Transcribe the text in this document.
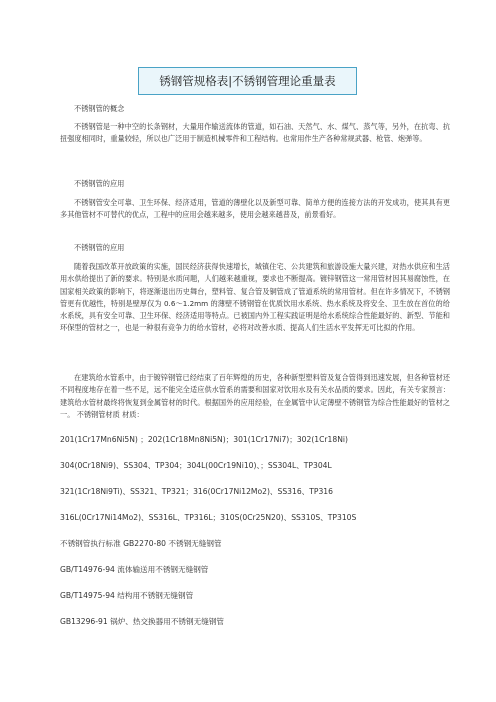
锈钢管规格表|不锈钢管理论重量表
不锈钢管的概念
不锈钢管是一种中空的长条钢材，大量用作输送流体的管道，如石油、天然气、水、煤气、蒸气等，另外，在抗弯、抗扭强度相同时，重量较轻，所以也广泛用于制造机械零件和工程结构。也常用作生产各种常规武器、枪管、炮弹等。
不锈钢管的应用
不锈钢管安全可靠、卫生环保、经济适用，管道的薄壁化以及新型可靠、简单方便的连接方法的开发成功，使其具有更多其他管材不可替代的优点，工程中的应用会越来越多，使用会越来越普及，前景看好。
不锈钢管的应用
随着我国改革开放政策的实施，国民经济获得快速增长，城镇住宅、公共建筑和旅游设施大量兴建，对热水供应和生活用水供给提出了新的要求。特别是水质问题，人们越来越重视，要求也不断提高。镀锌钢管这一常用管材因其易腐蚀性，在国家相关政策的影响下，将逐渐退出历史舞台，塑料管、复合管及铜管成了管道系统的常用管材。但在许多情况下，不锈钢管更有优越性，特别是壁厚仅为 0.6～1.2mm 的薄壁不锈钢管在优质饮用水系统、热水系统及将安全、卫生放在首位的给水系统，具有安全可靠、卫生环保、经济适用等特点。已被国内外工程实践证明是给水系统综合性能最好的、新型、节能和环保型的管材之一，也是一种很有竞争力的给水管材，必将对改善水质、提高人们生活水平发挥无可比拟的作用。
在建筑给水管系中，由于镀锌钢管已经结束了百年辉煌的历史，各种新型塑料管及复合管得到迅速发展，但各种管材还不同程度地存在着一些不足，远不能完全适应供水管系的需要和国家对饮用水及有关水品质的要求。因此，有关专家预言：建筑给水管材最终将恢复到金属管材的时代。根据国外的应用经验，在金属管中认定薄壁不锈钢管为综合性能最好的管材之一。 不锈钢管材质 材质：
201(1Cr17Mn6Ni5N) ；202(1Cr18Mn8Ni5N)；301(1Cr17Ni7)；302(1Cr18Ni)
304(0Cr18Ni9)、SS304、TP304；304L(00Cr19Ni10)、；SS304L、TP304L
321(1Cr18Ni9Ti)、SS321、TP321；316(0Cr17Ni12Mo2)、SS316、TP316
316L(0Cr17Ni14Mo2)、SS316L、TP316L；310S(0Cr25N20)、SS310S、TP310S
不锈钢管执行标准 GB2270-80 不锈钢无缝钢管
GB/T14976-94 流体输送用不锈钢无缝钢管
GB/T14975-94 结构用不锈钢无缝钢管
GB13296-91 锅炉、热交换器用不锈钢无缝钢管
